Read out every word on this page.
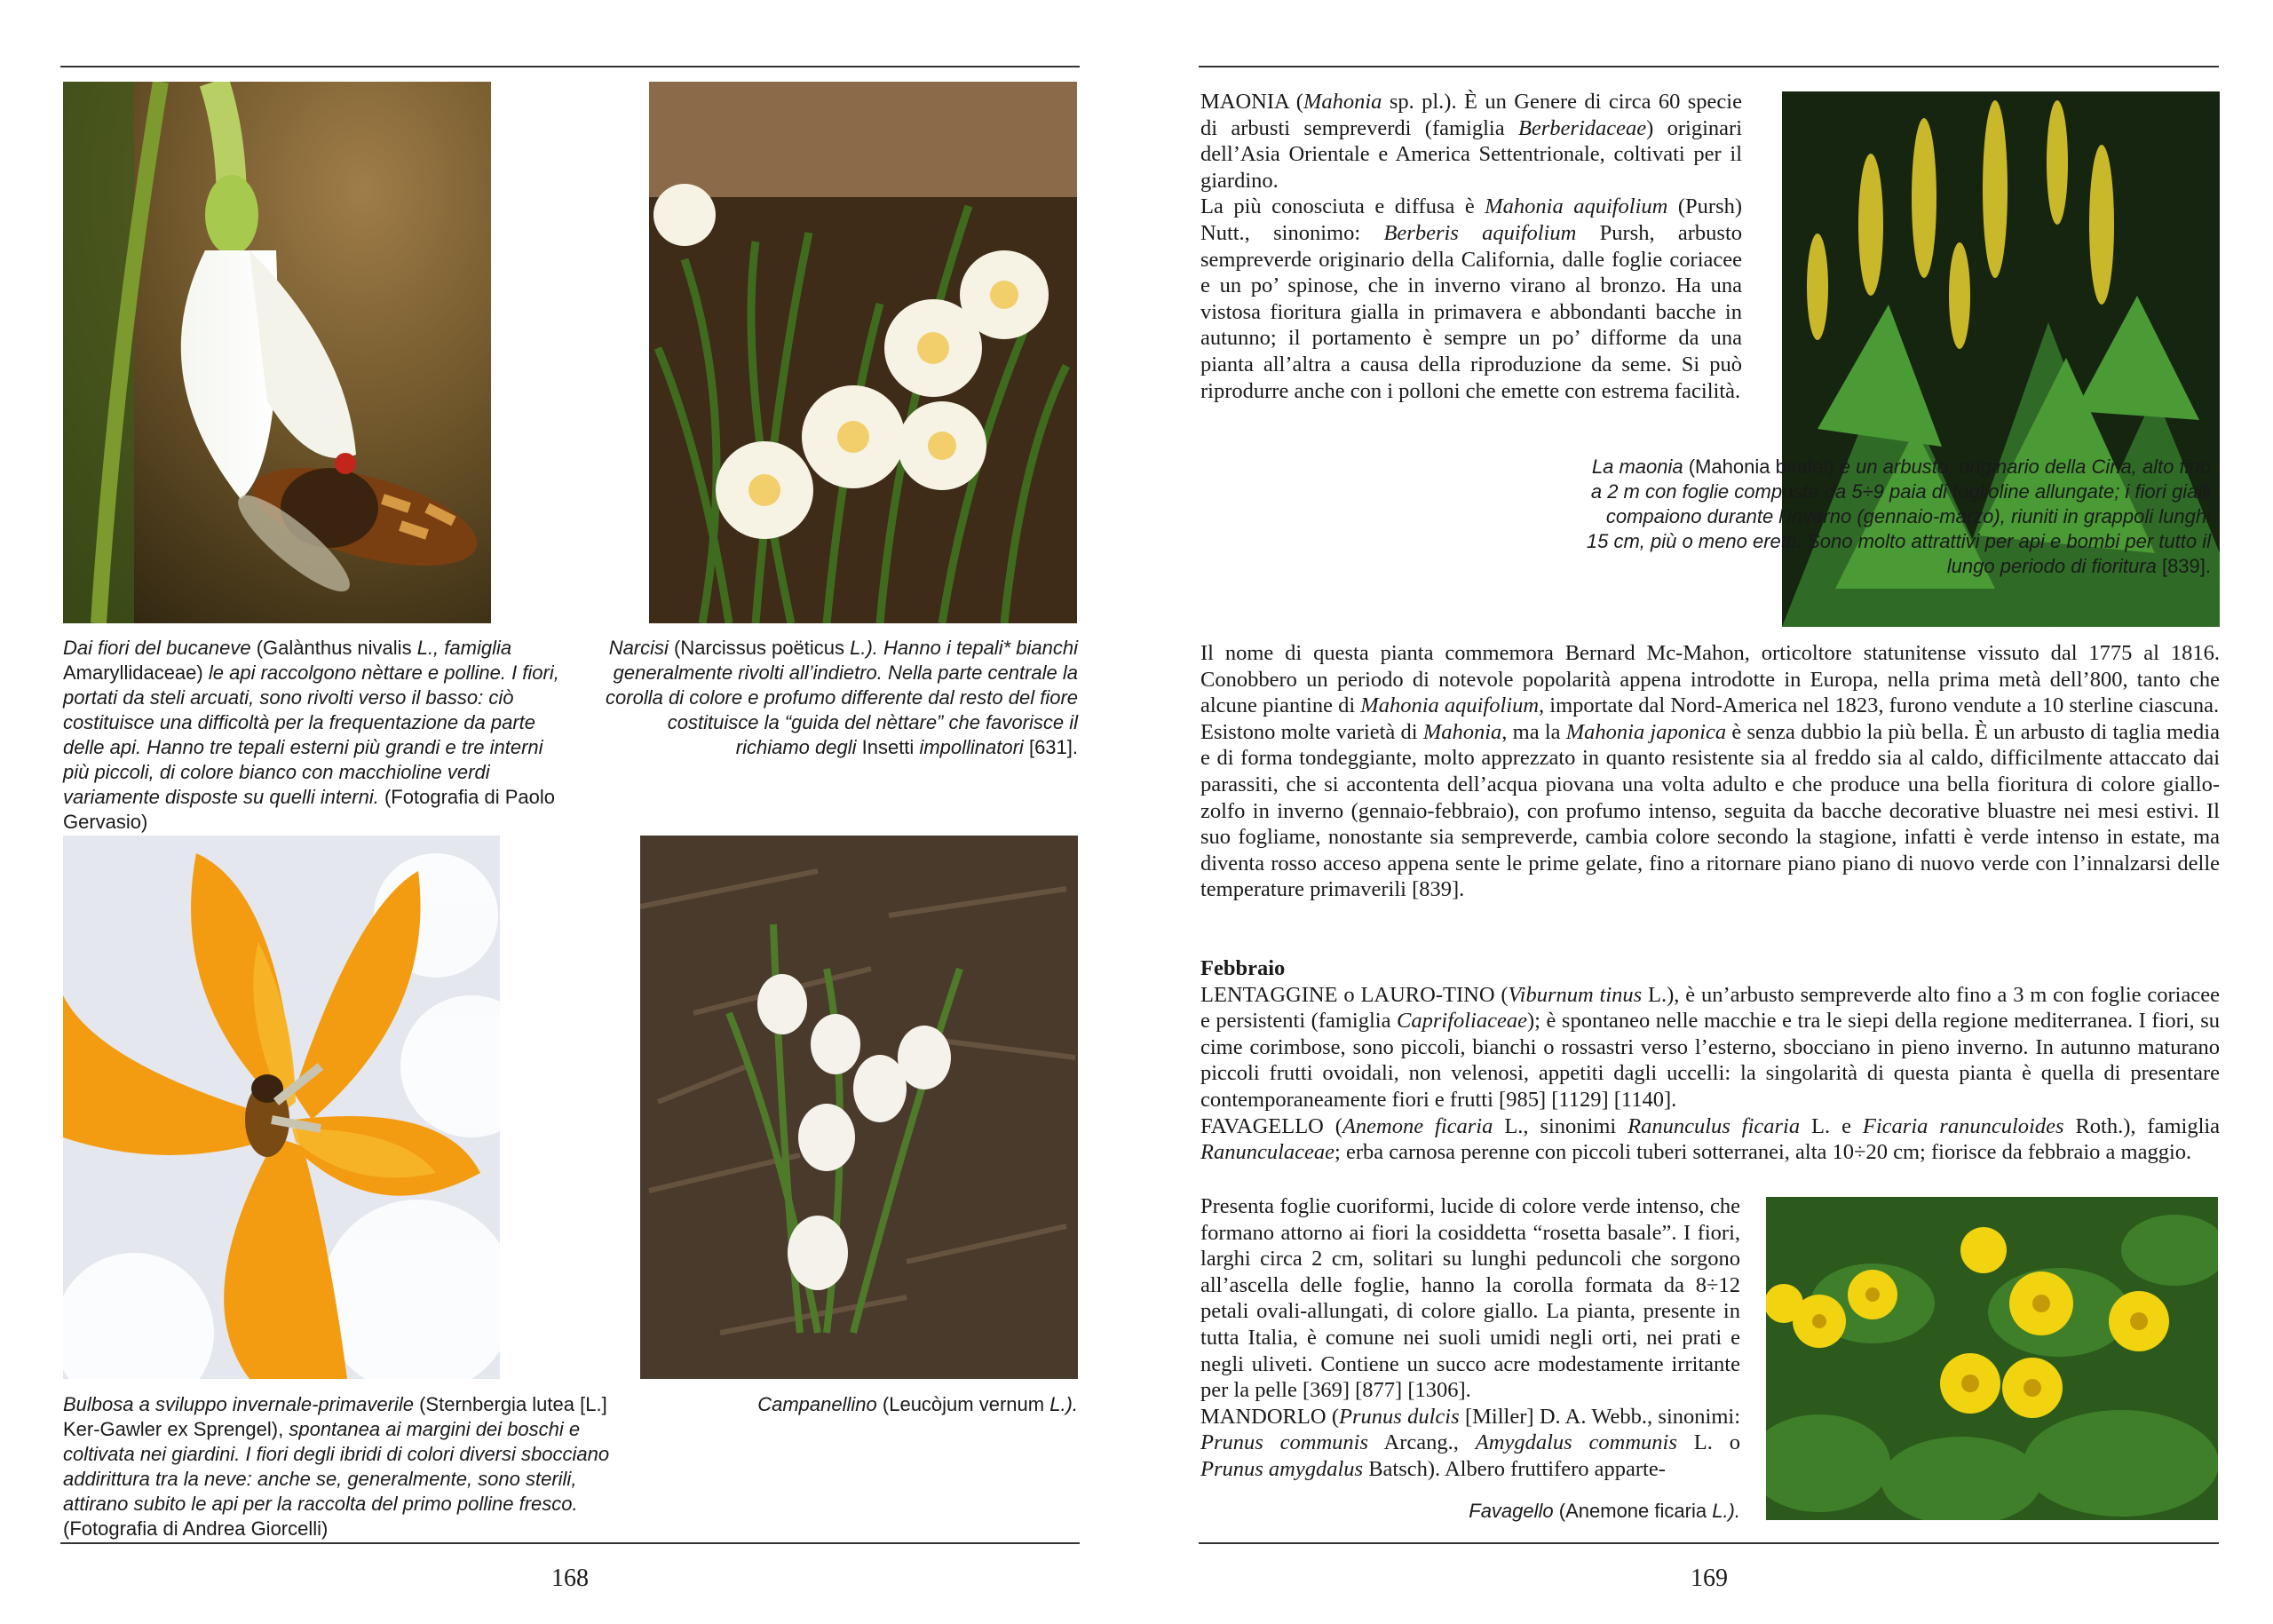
Dai fiori del bucaneve (Galànthus nivalis L., famiglia Amaryllidaceae) le api raccolgono nèttare e polline. I fiori, portati da steli arcuati, sono rivolti verso il basso: ciò costituisce una difficoltà per la frequentazione da parte delle api. Hanno tre tepali esterni più grandi e tre interni più piccoli, di colore bianco con macchioline verdi variamente disposte su quelli interni. (Fotografia di Paolo Gervasio)
Narcisi (Narcissus poëticus L.). Hanno i tepali* bianchi generalmente rivolti all’indietro. Nella parte centrale la corolla di colore e profumo differente dal resto del fiore costituisce la “guida del nèttare” che favorisce il richiamo degli Insetti impollinatori [631].
Bulbosa a sviluppo invernale-primaverile (Sternbergia lutea [L.] Ker-Gawler ex Sprengel), spontanea ai margini dei boschi e coltivata nei giardini. I fiori degli ibridi di colori diversi sbocciano addirittura tra la neve: anche se, generalmente, sono sterili, attirano subito le api per la raccolta del primo polline fresco. (Fotografia di Andrea Giorcelli)
Campanellino (Leucòjum vernum L.).
168

MAONIA (Mahonia sp. pl.). È un Genere di circa 60 specie di arbusti sempreverdi (famiglia Berberidaceae) originari dell’Asia Orientale e America Settentrionale, coltivati per il giardino.

La più conosciuta e diffusa è Mahonia aquifolium (Pursh) Nutt., sinonimo: Berberis aquifolium Pursh, arbusto sempreverde originario della California, dalle foglie coriacee e un po’ spinose, che in inverno virano al bronzo. Ha una vistosa fioritura gialla in primavera e abbondanti bacche in autunno; il portamento è sempre un po’ difforme da una pianta all’altra a causa della riproduzione da seme. Si può riprodurre anche con i polloni che emette con estrema facilità.

La maonia (Mahonia bealei) è un arbusto, originario della Cina, alto fino a 2 m con foglie composte da 5÷9 paia di foglioline allungate; i fiori gialli compaiono durante l’inverno (gennaio-marzo), riuniti in grappoli lunghi 15 cm, più o meno eretti. Sono molto attrattivi per api e bombi per tutto il lungo periodo di fioritura [839].

Il nome di questa pianta commemora Bernard Mc-Mahon, orticoltore statunitense vissuto dal 1775 al 1816. Conobbero un periodo di notevole popolarità appena introdotte in Europa, nella prima metà dell’800, tanto che alcune piantine di Mahonia aquifolium, importate dal Nord-America nel 1823, furono vendute a 10 sterline ciascuna.

Esistono molte varietà di Mahonia, ma la Mahonia japonica è senza dubbio la più bella. È un arbusto di taglia media e di forma tondeggiante, molto apprezzato in quanto resistente sia al freddo sia al caldo, difficilmente attaccato dai parassiti, che si accontenta dell’acqua piovana una volta adulto e che produce una bella fioritura di colore giallo-zolfo in inverno (gennaio-febbraio), con profumo intenso, seguita da bacche decorative bluastre nei mesi estivi. Il suo fogliame, nonostante sia sempreverde, cambia colore secondo la stagione, infatti è verde intenso in estate, ma diventa rosso acceso appena sente le prime gelate, fino a ritornare piano piano di nuovo verde con l’innalzarsi delle temperature primaverili [839].

Febbraio

LENTAGGINE o LAURO-TINO (Viburnum tinus L.), è un’arbusto sempreverde alto fino a 3 m con foglie coriacee e persistenti (famiglia Caprifoliaceae); è spontaneo nelle macchie e tra le siepi della regione mediterranea. I fiori, su cime corimbose, sono piccoli, bianchi o rossastri verso l’esterno, sbocciano in pieno inverno. In autunno maturano piccoli frutti ovoidali, non velenosi, appetiti dagli uccelli: la singolarità di questa pianta è quella di presentare contemporaneamente fiori e frutti [985] [1129] [1140].

FAVAGELLO (Anemone ficaria L., sinonimi Ranunculus ficaria L. e Ficaria ranunculoides Roth.), famiglia Ranunculaceae; erba carnosa perenne con piccoli tuberi sotterranei, alta 10÷20 cm; fiorisce da febbraio a maggio.

Presenta foglie cuoriformi, lucide di colore verde intenso, che formano attorno ai fiori la cosiddetta “rosetta basale”. I fiori, larghi circa 2 cm, solitari su lunghi peduncoli che sorgono all’ascella delle foglie, hanno la corolla formata da 8÷12 petali ovali-allungati, di colore giallo. La pianta, presente in tutta Italia, è comune nei suoli umidi negli orti, nei prati e negli uliveti. Contiene un succo acre modestamente irritante per la pelle [369] [877] [1306].

MANDORLO (Prunus dulcis [Miller] D. A. Webb., sinonimi: Prunus communis Arcang., Amygdalus communis L. o Prunus amygdalus Batsch). Albero fruttifero apparte-

Favagello (Anemone ficaria L.).
169
